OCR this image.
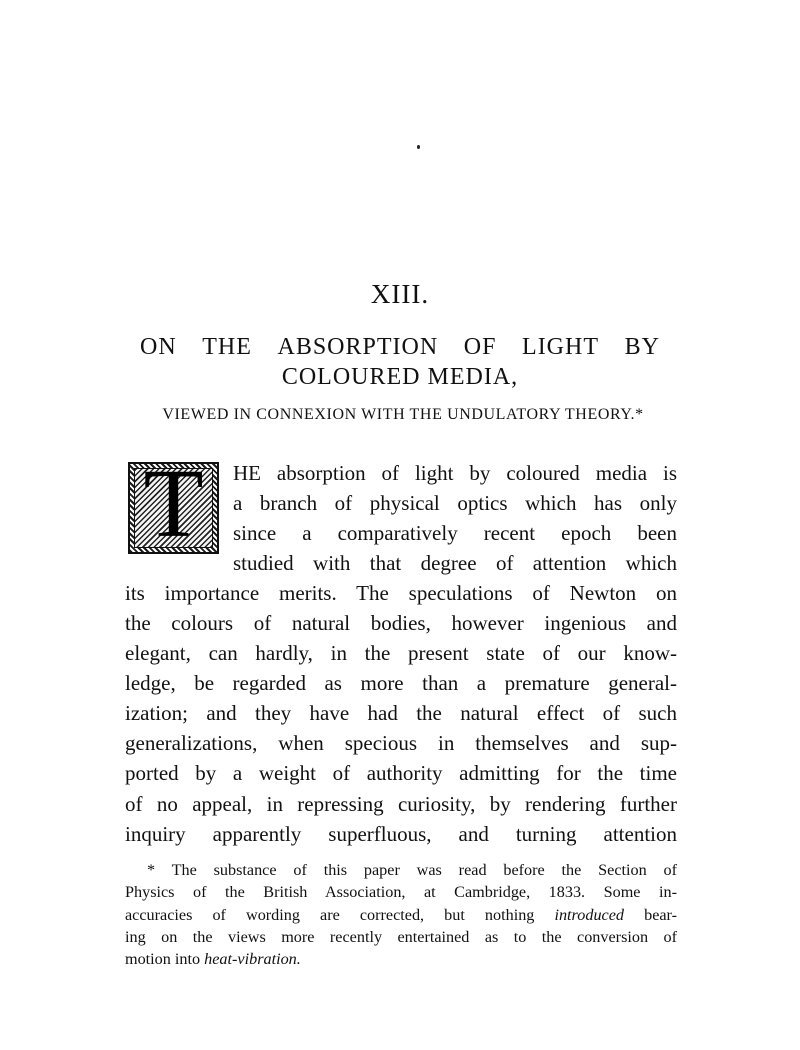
XIII.
ON THE ABSORPTION OF LIGHT BY
COLOURED MEDIA,
VIEWED IN CONNEXION WITH THE UNDULATORY THEORY.*
T	HE absorption of light by coloured media is
a branch of physical optics which has only
since a comparatively recent epoch been
studied with that degree of attention which
its importance merits. The speculations of Newton on
the colours of natural bodies, however ingenious and
elegant, can hardly, in the present state of our know-
ledge, be regarded as more than a premature general-
ization; and they have had the natural effect of such
generalizations, when specious in themselves and sup-
ported by a weight of authority admitting for the time
of no appeal, in repressing curiosity, by rendering further
inquiry apparently superfluous, and turning attention
* The substance of this paper was read before the Section of
Physics of the British Association, at Cambridge, 1833. Some in-
accuracies of wording are corrected, but nothing introduced bear-
ing on the views more recently entertained as to the conversion of
motion into heat-vibration.
